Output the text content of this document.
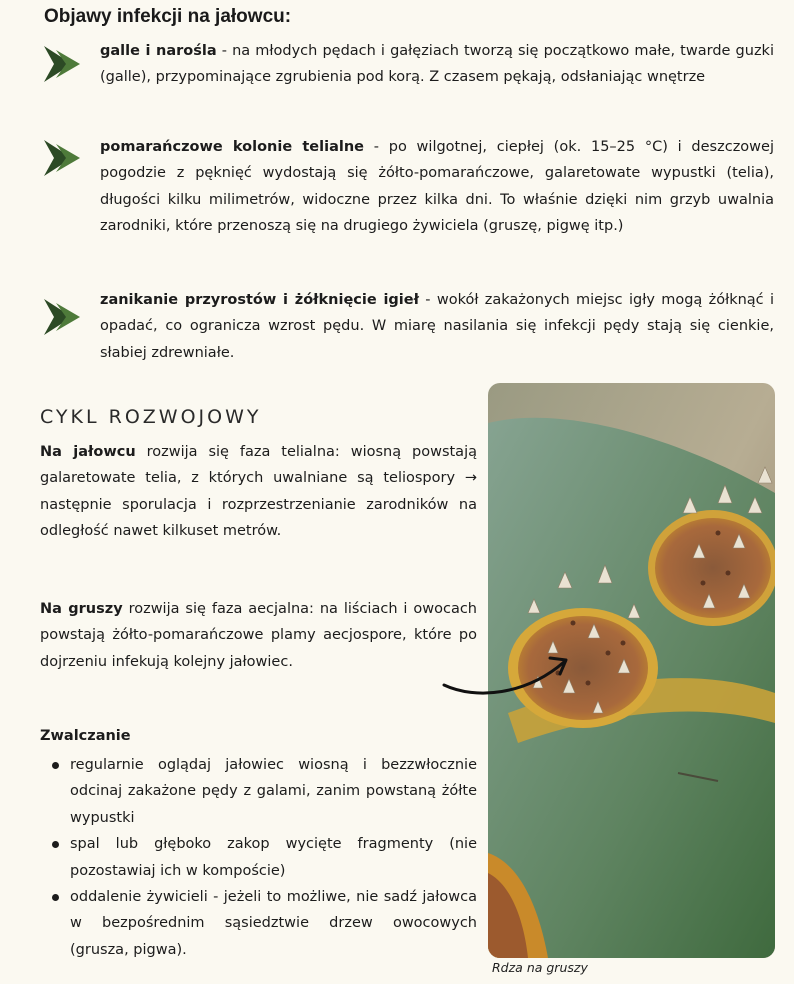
Objawy infekcji na jałowcu:
galle i narośla - na młodych pędach i gałęziach tworzą się początkowo małe, twarde guzki (galle), przypominające zgrubienia pod korą. Z czasem pękają, odsłaniając wnętrze
pomarańczowe kolonie telialne - po wilgotnej, ciepłej (ok. 15–25 °C) i deszczowej pogodzie z pęknięć wydostają się żółto-pomarańczowe, galaretowate wypustki (telia), długości kilku milimetrów, widoczne przez kilka dni. To właśnie dzięki nim grzyb uwalnia zarodniki, które przenoszą się na drugiego żywiciela (gruszę, pigwę itp.)
zanikanie przyrostów i żółknięcie igieł - wokół zakażonych miejsc igły mogą żółknąć i opadać, co ogranicza wzrost pędu. W miarę nasilania się infekcji pędy stają się cienkie, słabiej zdrewniałe.
CYKL ROZWOJOWY
Na jałowcu rozwija się faza telialna: wiosną powstają galaretowate telia, z których uwalniane są teliospory → następnie sporulacja i rozprzestrzenianie zarodników na odległość nawet kilkuset metrów.
Na gruszy rozwija się faza aecjalna: na liściach i owocach powstają żółto-pomarańczowe plamy aecjospore, które po dojrzeniu infekują kolejny jałowiec.
Zwalczanie
regularnie oglądaj jałowiec wiosną i bezzwłocznie odcinaj zakażone pędy z galami, zanim powstaną żółte wypustki
spal lub głęboko zakop wycięte fragmenty (nie pozostawiaj ich w kompoście)
oddalenie żywicieli - jeżeli to możliwe, nie sadź jałowca w bezpośrednim sąsiedztwie drzew owocowych (grusza, pigwa).
Rdza na gruszy
